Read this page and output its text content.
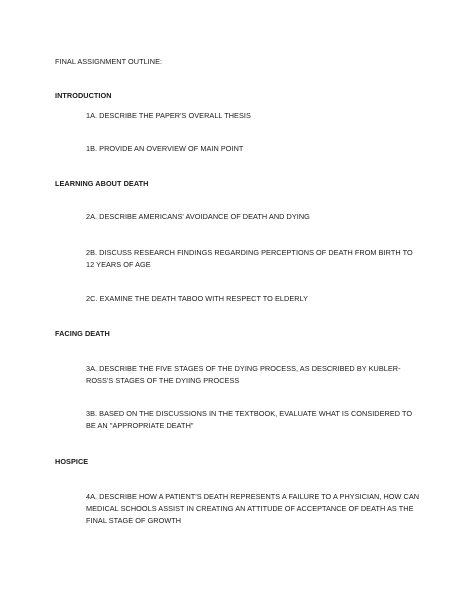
FINAL ASSIGNMENT OUTLINE:

INTRODUCTION

1A. DESCRIBE THE PAPER'S OVERALL THESIS

1B. PROVIDE AN OVERVIEW OF MAIN POINT

LEARNING ABOUT DEATH

2A. DESCRIBE AMERICANS' AVOIDANCE OF DEATH AND DYING

2B. DISCUSS RESEARCH FINDINGS REGARDING PERCEPTIONS OF DEATH FROM BIRTH TO 12 YEARS OF AGE

2C. EXAMINE THE DEATH TABOO WITH RESPECT TO ELDERLY

FACING DEATH

3A. DESCRIBE THE FIVE STAGES OF THE DYING PROCESS, AS DESCRIBED BY KUBLER-ROSS'S STAGES OF THE DYIING PROCESS

3B. BASED ON THE DISCUSSIONS IN THE TEXTBOOK, EVALUATE WHAT IS CONSIDERED TO BE AN "APPROPRIATE DEATH"

HOSPICE

4A. DESCRIBE HOW A PATIENT'S DEATH REPRESENTS A FAILURE TO A PHYSICIAN, HOW CAN MEDICAL SCHOOLS ASSIST IN CREATING AN ATTITUDE OF ACCEPTANCE OF DEATH AS THE FINAL STAGE OF GROWTH
